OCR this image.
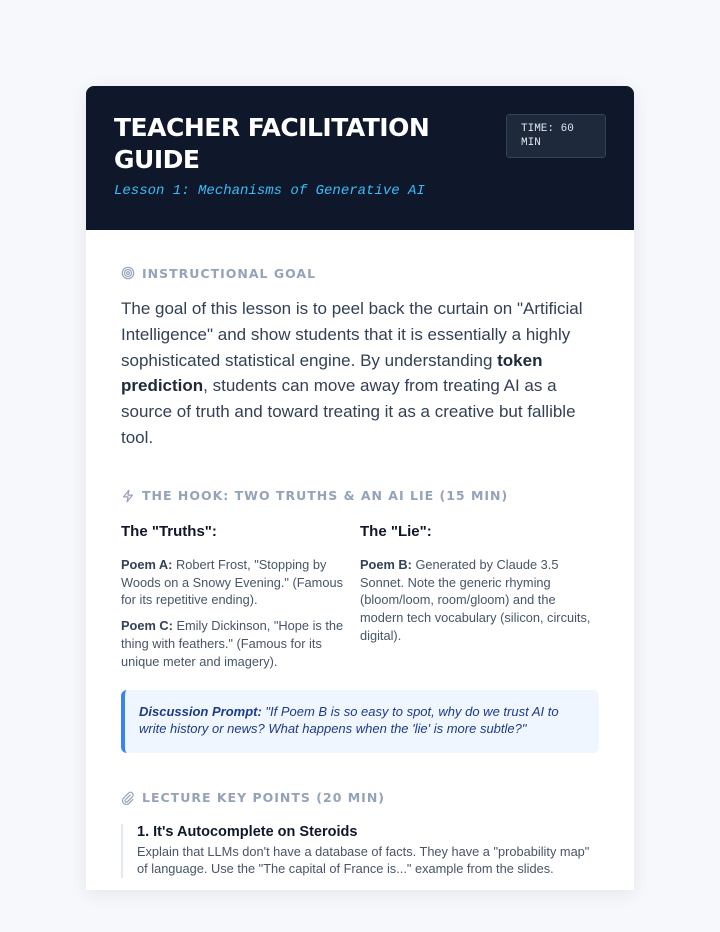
TEACHER FACILITATION GUIDE
Lesson 1: Mechanisms of Generative AI
TIME: 60 MIN
INSTRUCTIONAL GOAL

The goal of this lesson is to peel back the curtain on "Artificial Intelligence" and show students that it is essentially a highly sophisticated statistical engine. By understanding token prediction, students can move away from treating AI as a source of truth and toward treating it as a creative but fallible tool.

THE HOOK: TWO TRUTHS & AN AI LIE (15 MIN)
The "Truths":

Poem A: Robert Frost, "Stopping by Woods on a Snowy Evening." (Famous for its repetitive ending).

Poem C: Emily Dickinson, "Hope is the thing with feathers." (Famous for its unique meter and imagery).

The "Lie":

Poem B: Generated by Claude 3.5 Sonnet. Note the generic rhyming (bloom/loom, room/gloom) and the modern tech vocabulary (silicon, circuits, digital).

Discussion Prompt: "If Poem B is so easy to spot, why do we trust AI to write history or news? What happens when the 'lie' is more subtle?"
LECTURE KEY POINTS (20 MIN)
1. It's Autocomplete on Steroids

Explain that LLMs don't have a database of facts. They have a "probability map" of language. Use the "The capital of France is..." example from the slides.
